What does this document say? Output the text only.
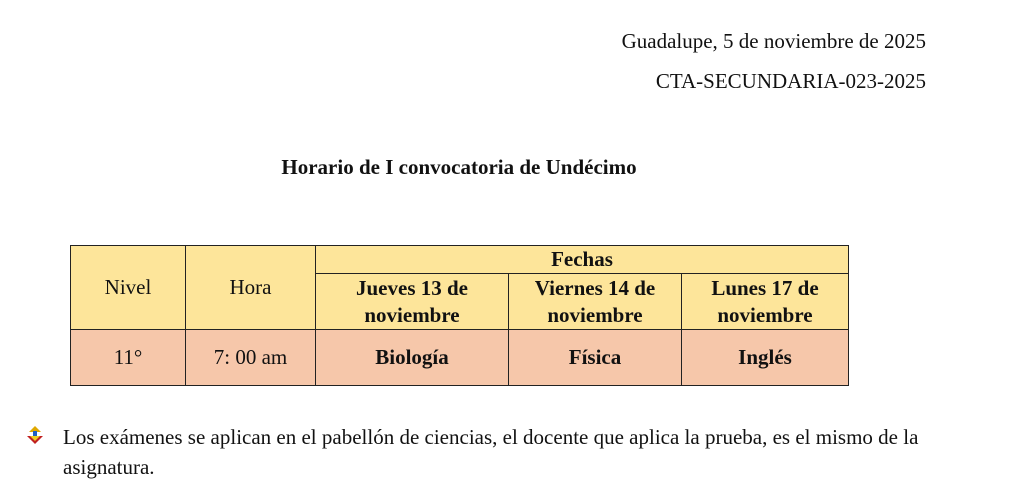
Guadalupe, 5 de noviembre de 2025
CTA-SECUNDARIA-023-2025
Horario de I convocatoria de Undécimo
Nivel	Hora	Fechas		
		Jueves 13 de noviembre	Viernes 14 de noviembre	Lunes 17 de noviembre
11°	7: 00 am	Biología	Física	Inglés
Los exámenes se aplican en el pabellón de ciencias, el docente que aplica la prueba, es el mismo de la asignatura.
